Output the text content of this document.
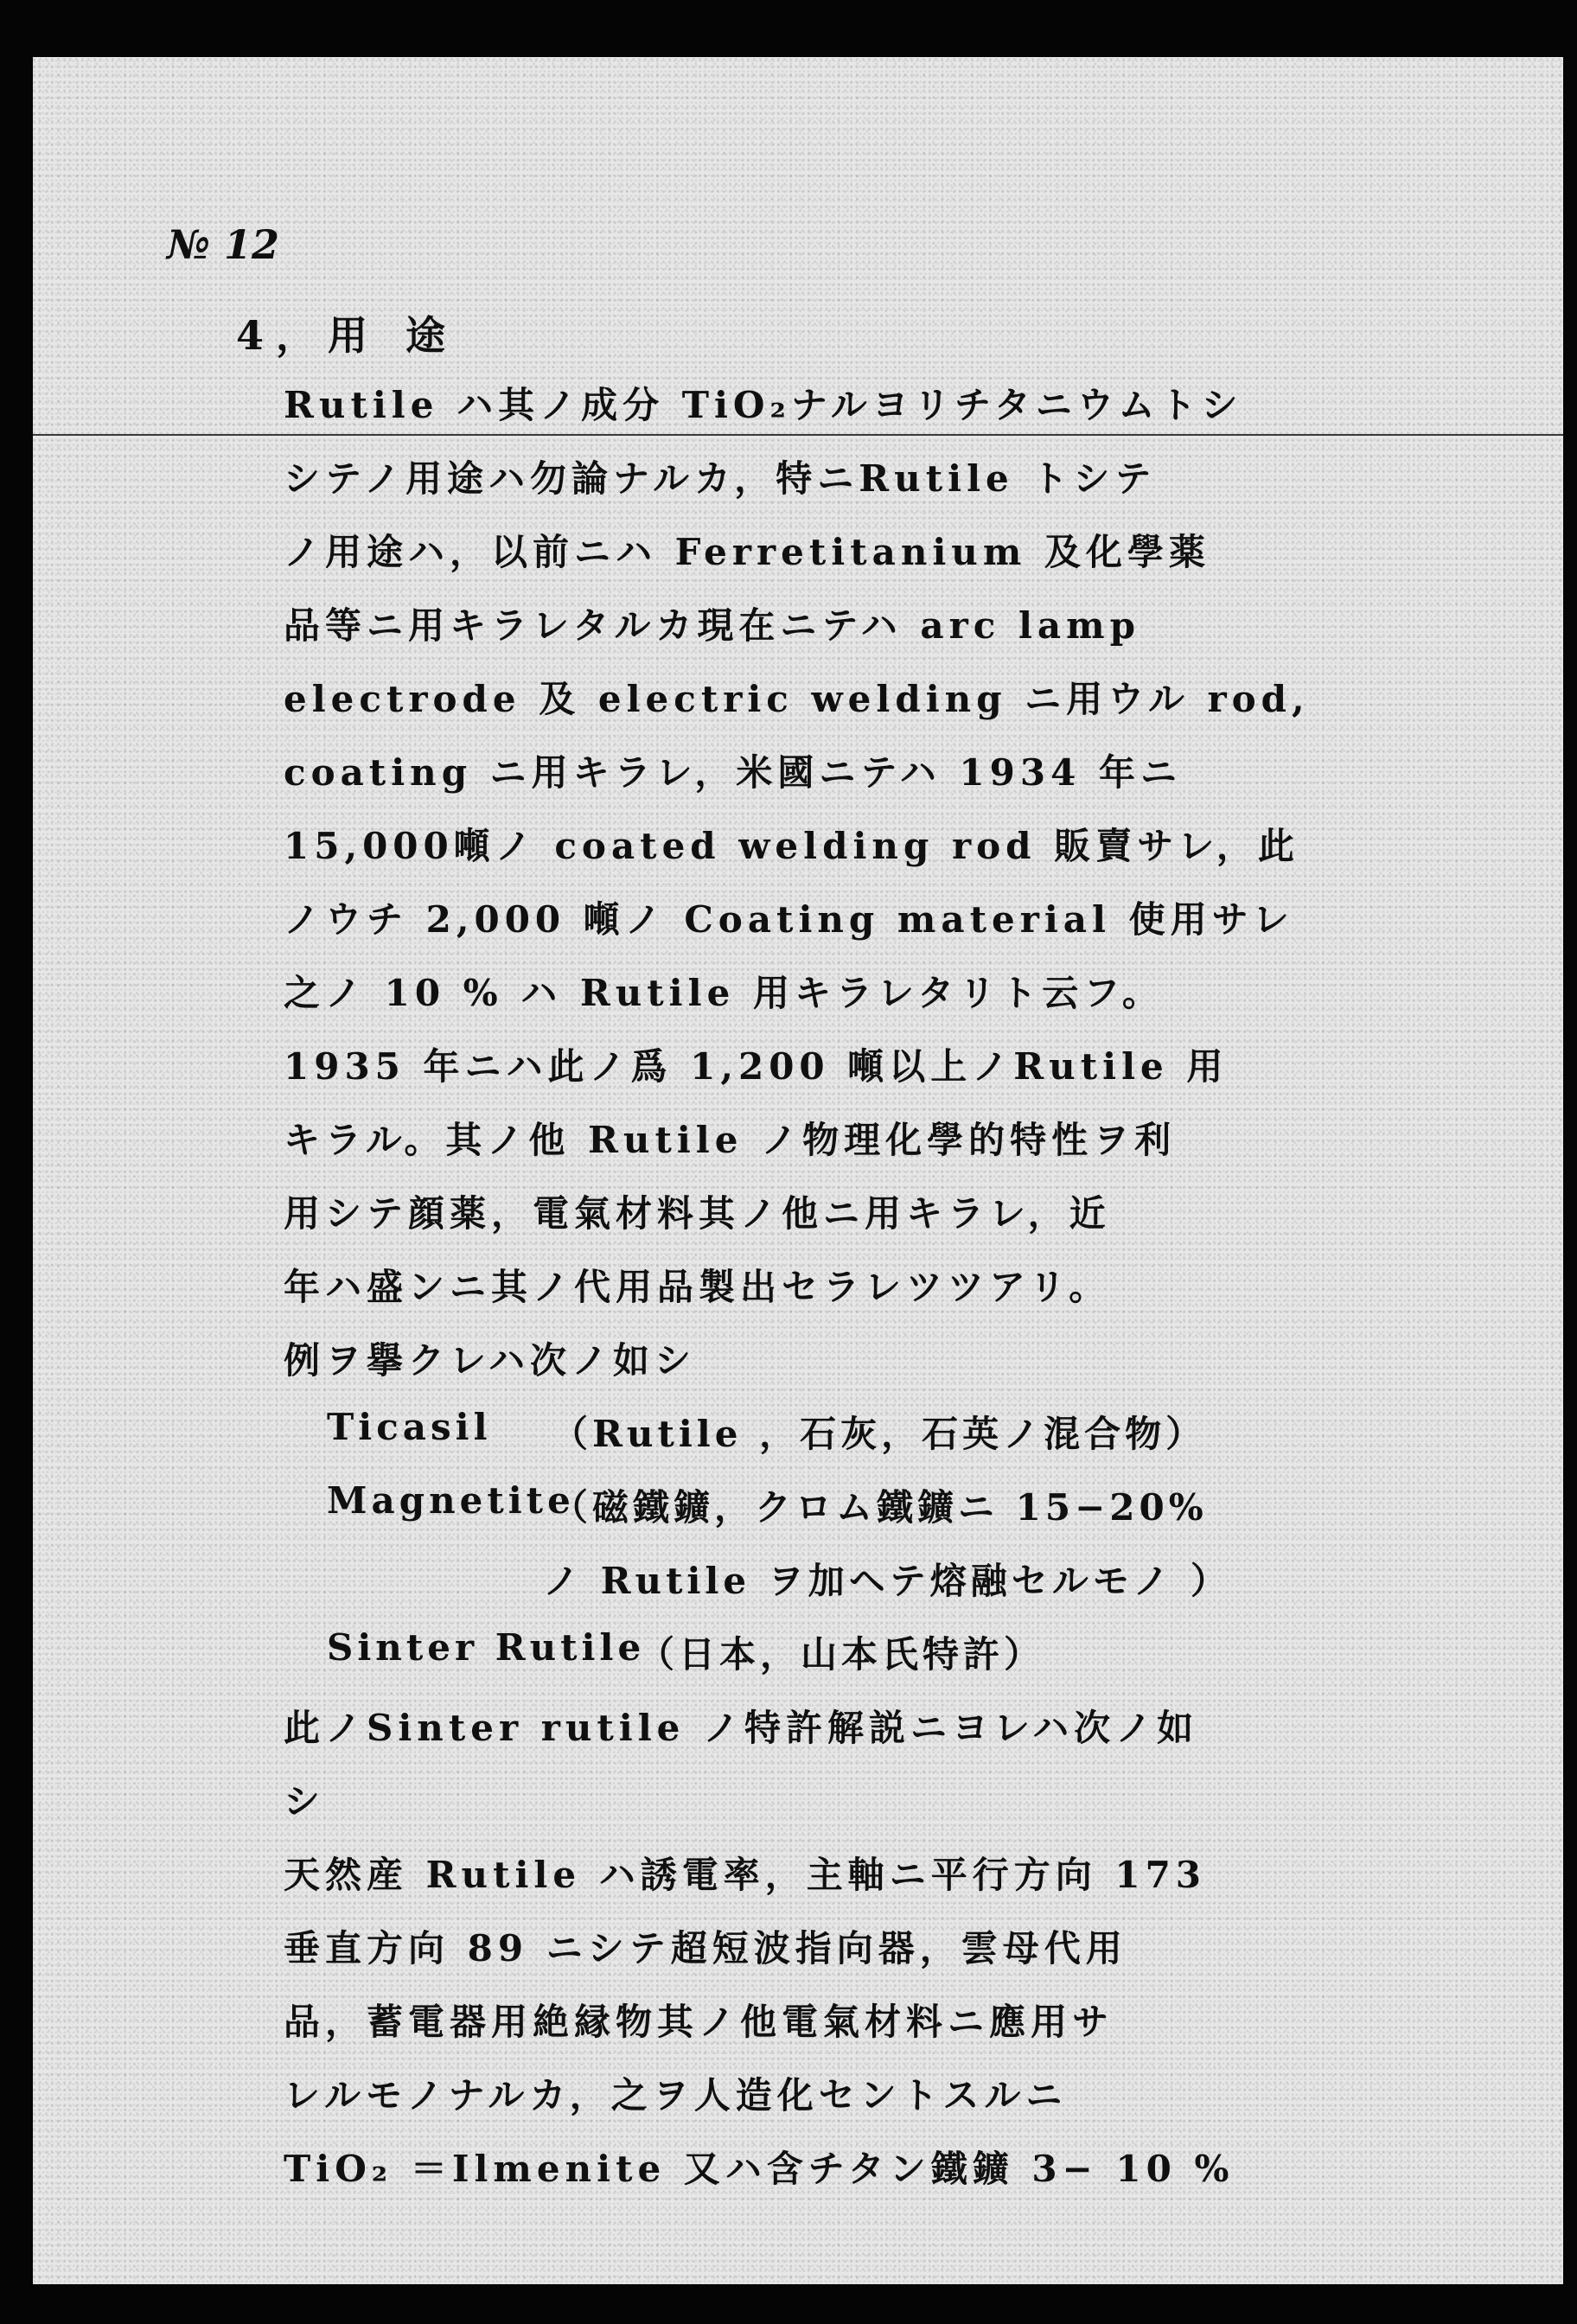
№ 12
4，用 途
Rutile ハ其ノ成分 TiO₂ナルヨリチタニウムトシ
シテノ用途ハ勿論ナルカ，特ニRutile トシテ
ノ用途ハ，以前ニハ Ferretitanium 及化學薬
品等ニ用キラレタルカ現在ニテハ arc lamp
electrode 及 electric welding ニ用ウル rod,
coating ニ用キラレ，米國ニテハ 1934 年ニ
15,000噸ノ coated welding rod 販賣サレ，此
ノウチ 2,000 噸ノ Coating material 使用サレ
之ノ 10 % ハ Rutile 用キラレタリト云フ。
1935 年ニハ此ノ爲 1,200 噸以上ノRutile 用
キラル。其ノ他 Rutile ノ物理化學的特性ヲ利
用シテ顔薬，電氣材料其ノ他ニ用キラレ，近
年ハ盛ンニ其ノ代用品製出セラレツツアリ。
例ヲ擧クレハ次ノ如シ
Ticasil （Rutile ，石灰，石英ノ混合物）
Magnetite
（磁鐵鑛，クロム鐵鑛ニ 15−20%
ノ Rutile ヲ加ヘテ熔融セルモノ ）
Sinter Rutile
（日本，山本氏特許）
此ノSinter rutile ノ特許解説ニヨレハ次ノ如
シ
天然産 Rutile ハ誘電率，主軸ニ平行方向 173
垂直方向 89 ニシテ超短波指向器，雲母代用
品，蓄電器用絶縁物其ノ他電氣材料ニ應用サ
レルモノナルカ，之ヲ人造化セントスルニ
TiO₂ ＝Ilmenite 又ハ含チタン鐵鑛 3− 10 %
